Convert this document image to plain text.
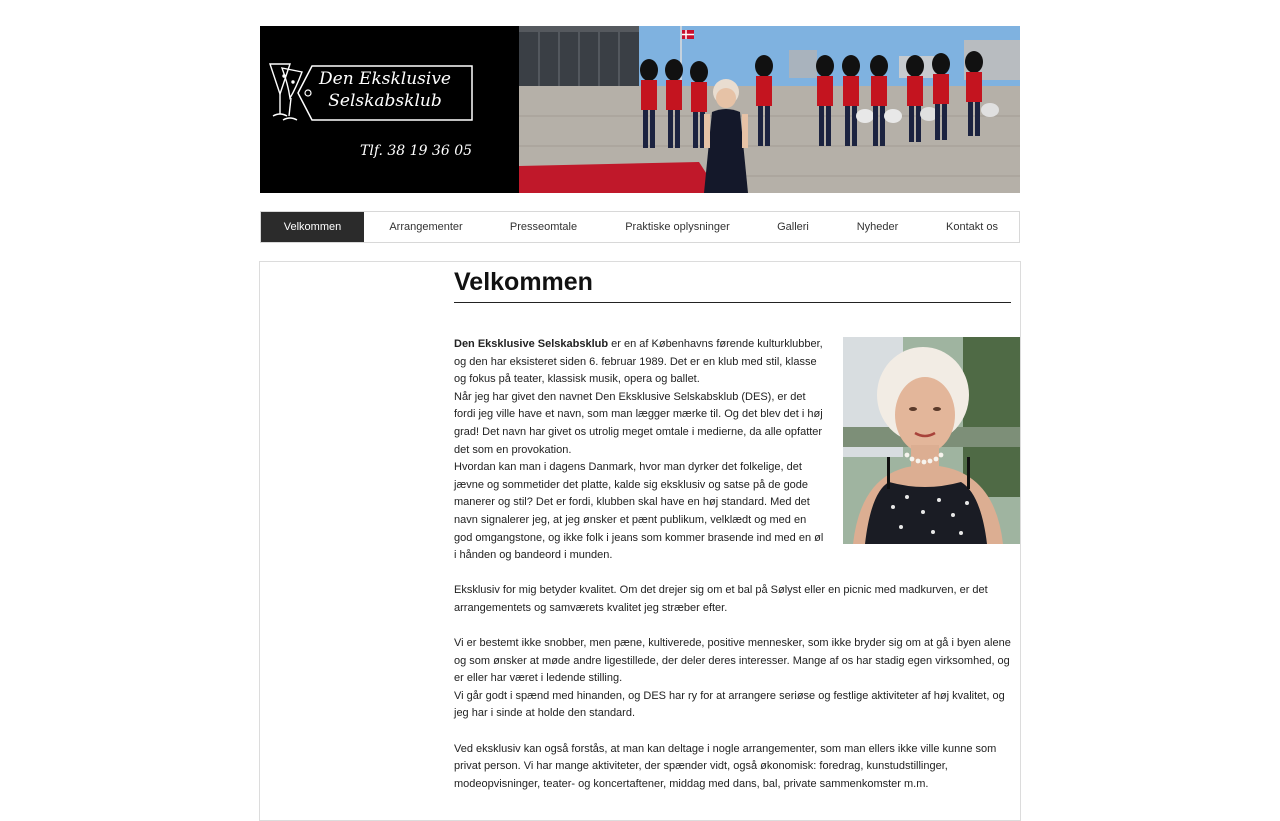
Den Eksklusive
Selskabsklub
Tlf. 38 19 36 05
Velkommen	Arrangementer	Presseomtale	Praktiske oplysninger	Galleri	Nyheder	Kontakt os
Velkommen

Den Eksklusive Selskabsklub er en af Københavns førende kulturklubber, og den har eksisteret siden 6. februar 1989. Det er en klub med stil, klasse og fokus på teater, klassisk musik, opera og ballet.

Når jeg har givet den navnet Den Eksklusive Selskabsklub (DES), er det fordi jeg ville have et navn, som man lægger mærke til. Og det blev det i høj grad! Det navn har givet os utrolig meget omtale i medierne, da alle opfatter det som en provokation.

Hvordan kan man i dagens Danmark, hvor man dyrker det folkelige, det jævne og sommetider det platte, kalde sig eksklusiv og satse på de gode manerer og stil? Det er fordi, klubben skal have en høj standard. Med det navn signalerer jeg, at jeg ønsker et pænt publikum, velklædt og med en god omgangstone, og ikke folk i jeans som kommer brasende ind med en øl i hånden og bandeord i munden.

Eksklusiv for mig betyder kvalitet. Om det drejer sig om et bal på Sølyst eller en picnic med madkurven, er det arrangementets og samværets kvalitet jeg stræber efter.

Vi er bestemt ikke snobber, men pæne, kultiverede, positive mennesker, som ikke bryder sig om at gå i byen alene og som ønsker at møde andre ligestillede, der deler deres interesser. Mange af os har stadig egen virksomhed, og er eller har været i ledende stilling.

Vi går godt i spænd med hinanden, og DES har ry for at arrangere seriøse og festlige aktiviteter af høj kvalitet, og jeg har i sinde at holde den standard.

Ved eksklusiv kan også forstås, at man kan deltage i nogle arrangementer, som man ellers ikke ville kunne som privat person. Vi har mange aktiviteter, der spænder vidt, også økonomisk: foredrag, kunstudstillinger, modeopvisninger, teater- og koncertaftener, middag med dans, bal, private sammenkomster m.m.
